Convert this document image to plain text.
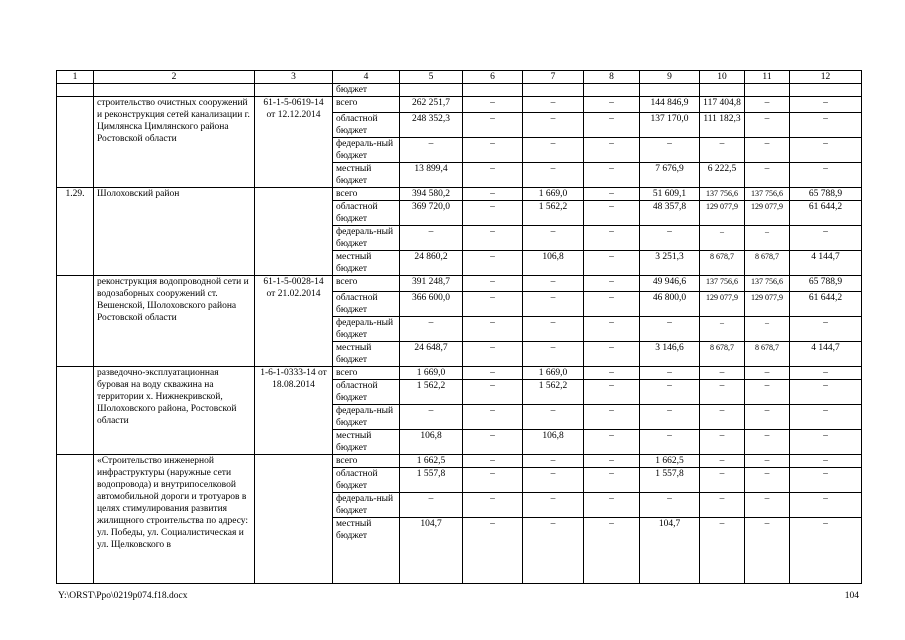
1	2	3	4	5	6	7	8	9	10	11	12
			бюджет								
	строительство очистных сооружений и реконструкция сетей канализации г. Цимлянска Цимлянского района Ростовской области	61-1-5-0619-14 от 12.12.2014	всего	262 251,7	–	–	–	144 846,9	117 404,8	–	–
			областной бюджет	248 352,3	–	–	–	137 170,0	111 182,3	–	–
			федераль-ный бюджет	–	–	–	–	–	–	–	–
			местный бюджет	13 899,4	–	–	–	7 676,9	6 222,5	–	–
1.29.	Шолоховский район		всего	394 580,2	–	1 669,0	–	51 609,1	137 756,6	137 756,6	65 788,9
			областной бюджет	369 720,0	–	1 562,2	–	48 357,8	129 077,9	129 077,9	61 644,2
			федераль-ный бюджет	–	–	–	–	–	–	–	–
			местный бюджет	24 860,2	–	106,8	–	3 251,3	8 678,7	8 678,7	4 144,7
	реконструкция водопроводной сети и водозаборных сооружений ст. Вешенской, Шолоховского района Ростовской области	61-1-5-0028-14 от 21.02.2014	всего	391 248,7	–	–	–	49 946,6	137 756,6	137 756,6	65 788,9
			областной бюджет	366 600,0	–	–	–	46 800,0	129 077,9	129 077,9	61 644,2
			федераль-ный бюджет	–	–	–	–	–	–	–	–
			местный бюджет	24 648,7	–	–	–	3 146,6	8 678,7	8 678,7	4 144,7
	разведочно-эксплуатационная буровая на воду скважина на территории х. Нижнекривской, Шолоховского района, Ростовской области	1-6-1-0333-14 от 18.08.2014	всего	1 669,0	–	1 669,0	–	–	–	–	–
			областной бюджет	1 562,2	–	1 562,2	–	–	–	–	–
			федераль-ный бюджет	–	–	–	–	–	–	–	–
			местный бюджет	106,8	–	106,8	–	–	–	–	–
	«Строительство инженерной инфраструктуры (наружные сети водопровода) и внутрипоселковой автомобильной дороги и тротуаров в целях стимулирования развития жилищного строительства по адресу: ул. Победы, ул. Социалистическая и ул. Щелковского в		всего	1 662,5	–	–	–	1 662,5	–	–	–
			областной бюджет	1 557,8	–	–	–	1 557,8	–	–	–
			федераль-ный бюджет	–	–	–	–	–	–	–	–
			местный бюджет	104,7	–	–	–	104,7	–	–	–
Y:\ORST\Ppo\0219p074.f18.docx	104
